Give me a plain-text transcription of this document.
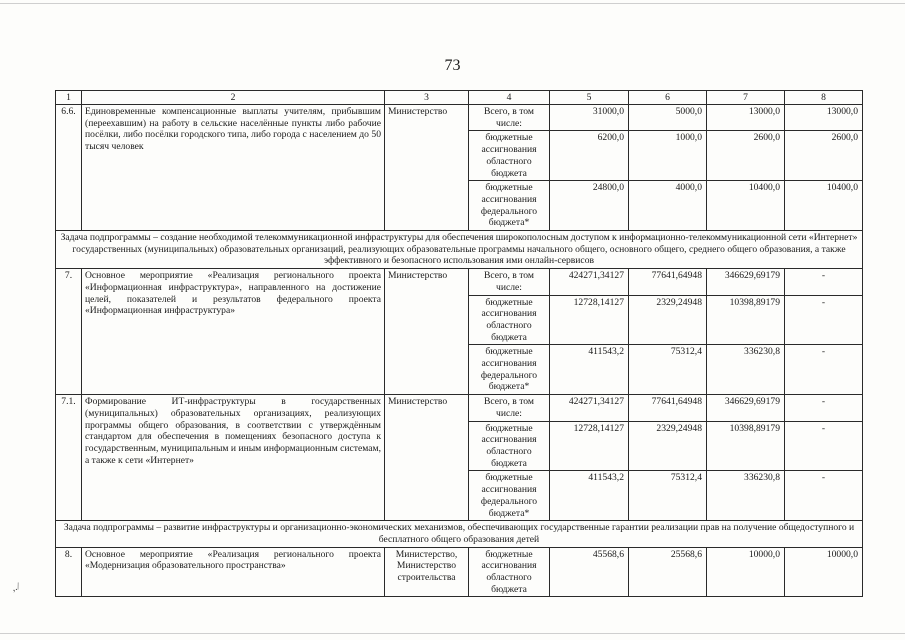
73
1	2	3	4	5	6	7	8
6.6.	Единовременные компенсационные выплаты учителям, прибывшим (переехавшим) на работу в сельские населённые пункты либо рабочие посёлки, либо посёлки городского типа, либо города с населением до 50 тысяч человек	Министерство	Всего, в том числе:	31000,0	5000,0	13000,0	13000,0
			бюджетные ассигнования областного бюджета	6200,0	1000,0	2600,0	2600,0
			бюджетные ассигнования федерального бюджета*	24800,0	4000,0	10400,0	10400,0
Задача подпрограммы – создание необходимой телекоммуникационной инфраструктуры для обеспечения широкополосным доступом к информационно-телекоммуникационной сети «Интернет» государственных (муниципальных) образовательных организаций, реализующих образовательные программы начального общего, основного общего, среднего общего образования, а также эффективного и безопасного использования ими онлайн-сервисов							
7.	Основное мероприятие «Реализация регионального проекта «Информационная инфраструктура», направленного на достижение целей, показателей и результатов федерального проекта «Информационная инфраструктура»	Министерство	Всего, в том числе:	424271,34127	77641,64948	346629,69179	-
			бюджетные ассигнования областного бюджета	12728,14127	2329,24948	10398,89179	-
			бюджетные ассигнования федерального бюджета*	411543,2	75312,4	336230,8	-
7.1.	Формирование ИТ-инфраструктуры в государственных (муниципальных) образовательных организациях, реализующих программы общего образования, в соответствии с утверждённым стандартом для обеспечения в помещениях безопасного доступа к государственным, муниципальным и иным информационным системам, а также к сети «Интернет»	Министерство	Всего, в том числе:	424271,34127	77641,64948	346629,69179	-
			бюджетные ассигнования областного бюджета	12728,14127	2329,24948	10398,89179	-
			бюджетные ассигнования федерального бюджета*	411543,2	75312,4	336230,8	-
Задача подпрограммы – развитие инфраструктуры и организационно-экономических механизмов, обеспечивающих государственные гарантии реализации прав на получение общедоступного и бесплатного общего образования детей							
8.	Основное мероприятие «Реализация регионального проекта «Модернизация образовательного пространства»	Министерство, Министерство строительства	бюджетные ассигнования областного бюджета	45568,6	25568,6	10000,0	10000,0
,./
